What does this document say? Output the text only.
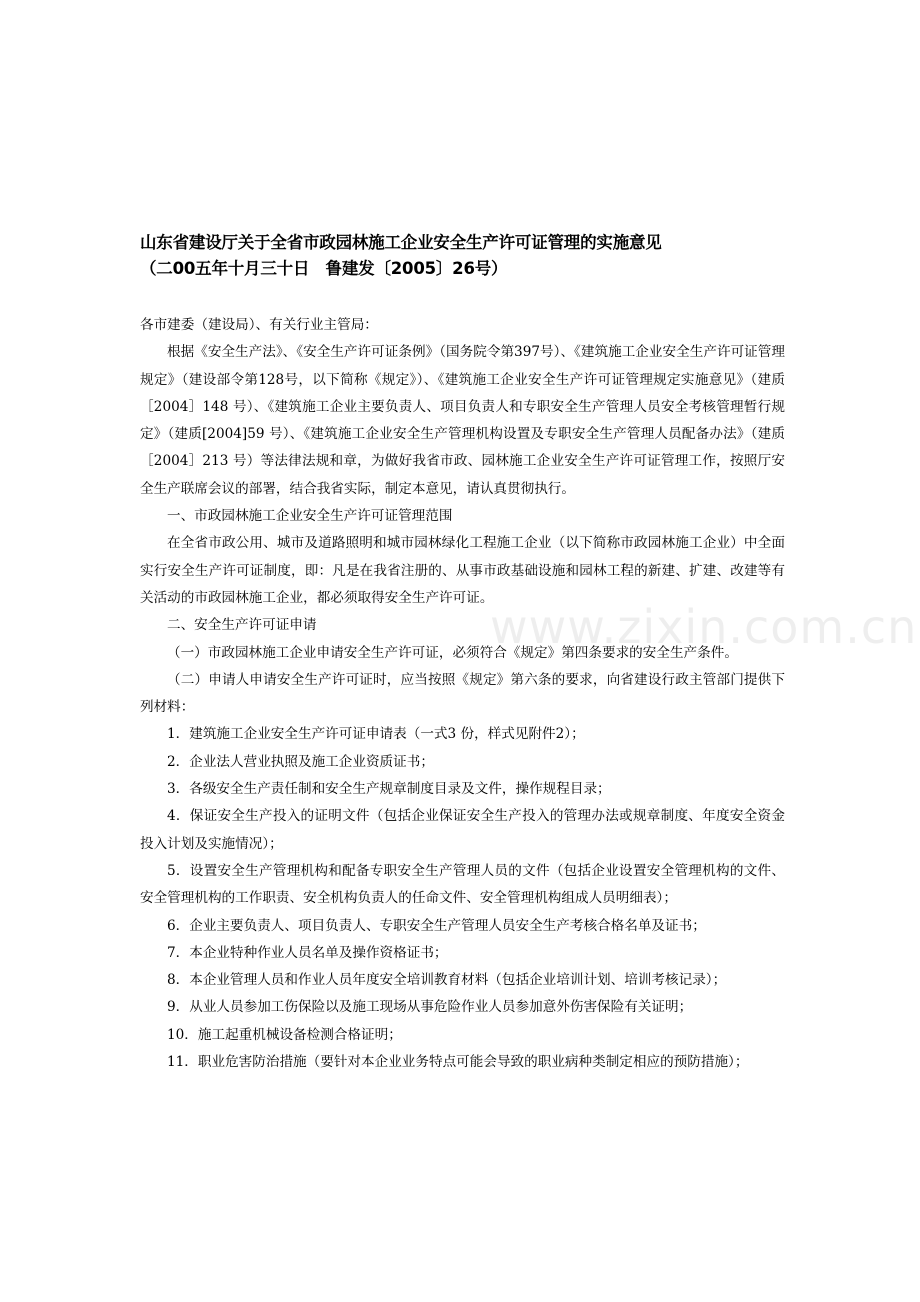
山东省建设厅关于全省市政园林施工企业安全生产许可证管理的实施意见

（二00五年十月三十日　鲁建发〔2005〕26号）

各市建委（建设局）、有关行业主管局：

根据《安全生产法》、《安全生产许可证条例》（国务院令第397号）、《建筑施工企业安全生产许可证管理规定》（建设部令第128号，以下简称《规定》）、《建筑施工企业安全生产许可证管理规定实施意见》（建质［2004］148 号）、《建筑施工企业主要负责人、项目负责人和专职安全生产管理人员安全考核管理暂行规定》（建质[2004]59 号）、《建筑施工企业安全生产管理机构设置及专职安全生产管理人员配备办法》（建质［2004］213 号）等法律法规和章，为做好我省市政、园林施工企业安全生产许可证管理工作，按照厅安全生产联席会议的部署，结合我省实际，制定本意见，请认真贯彻执行。

一、市政园林施工企业安全生产许可证管理范围

在全省市政公用、城市及道路照明和城市园林绿化工程施工企业（以下简称市政园林施工企业）中全面实行安全生产许可证制度，即：凡是在我省注册的、从事市政基础设施和园林工程的新建、扩建、改建等有关活动的市政园林施工企业，都必须取得安全生产许可证。

二、安全生产许可证申请

（一）市政园林施工企业申请安全生产许可证，必须符合《规定》第四条要求的安全生产条件。

（二）申请人申请安全生产许可证时，应当按照《规定》第六条的要求，向省建设行政主管部门提供下列材料：

1．建筑施工企业安全生产许可证申请表（一式3 份，样式见附件2）；

2．企业法人营业执照及施工企业资质证书；

3．各级安全生产责任制和安全生产规章制度目录及文件，操作规程目录；

4．保证安全生产投入的证明文件（包括企业保证安全生产投入的管理办法或规章制度、年度安全资金投入计划及实施情况）；

5．设置安全生产管理机构和配备专职安全生产管理人员的文件（包括企业设置安全管理机构的文件、安全管理机构的工作职责、安全机构负责人的任命文件、安全管理机构组成人员明细表）；

6．企业主要负责人、项目负责人、专职安全生产管理人员安全生产考核合格名单及证书；

7．本企业特种作业人员名单及操作资格证书；

8．本企业管理人员和作业人员年度安全培训教育材料（包括企业培训计划、培训考核记录）；

9．从业人员参加工伤保险以及施工现场从事危险作业人员参加意外伤害保险有关证明；

10．施工起重机械设备检测合格证明；

11．职业危害防治措施（要针对本企业业务特点可能会导致的职业病种类制定相应的预防措施）；

www.zixin.com.cn
